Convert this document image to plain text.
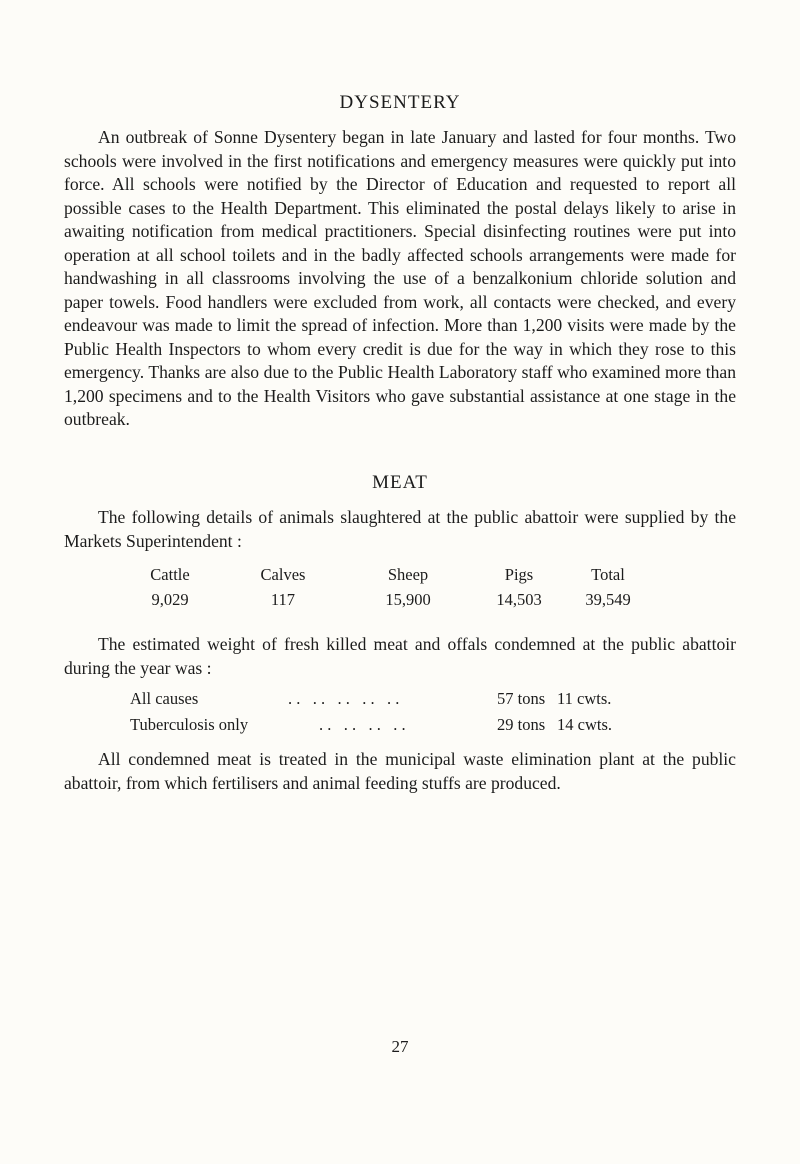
DYSENTERY

An outbreak of Sonne Dysentery began in late January and lasted for four months. Two schools were involved in the first notifications and emergency measures were quickly put into force. All schools were notified by the Director of Education and requested to report all possible cases to the Health Department. This eliminated the postal delays likely to arise in awaiting notification from medical practitioners. Special disinfecting routines were put into operation at all school toilets and in the badly affected schools arrangements were made for handwashing in all classrooms involving the use of a benzalkonium chloride solution and paper towels. Food handlers were excluded from work, all contacts were checked, and every endeavour was made to limit the spread of infection. More than 1,200 visits were made by the Public Health Inspectors to whom every credit is due for the way in which they rose to this emergency. Thanks are also due to the Public Health Laboratory staff who examined more than 1,200 specimens and to the Health Visitors who gave substantial assistance at one stage in the outbreak.

MEAT

The following details of animals slaughtered at the public abattoir were supplied by the Markets Superintendent :

Cattle	Calves	Sheep	Pigs	Total
9,029	117	15,900	14,503	39,549

The estimated weight of fresh killed meat and offals condemned at the public abattoir during the year was :

All causes	. .   . .   . .   . .   . .	57 tons 11 cwts.
Tuberculosis only	. .   . .   . .   . .	29 tons 14 cwts.

All condemned meat is treated in the municipal waste elimination plant at the public abattoir, from which fertilisers and animal feeding stuffs are produced.

27
